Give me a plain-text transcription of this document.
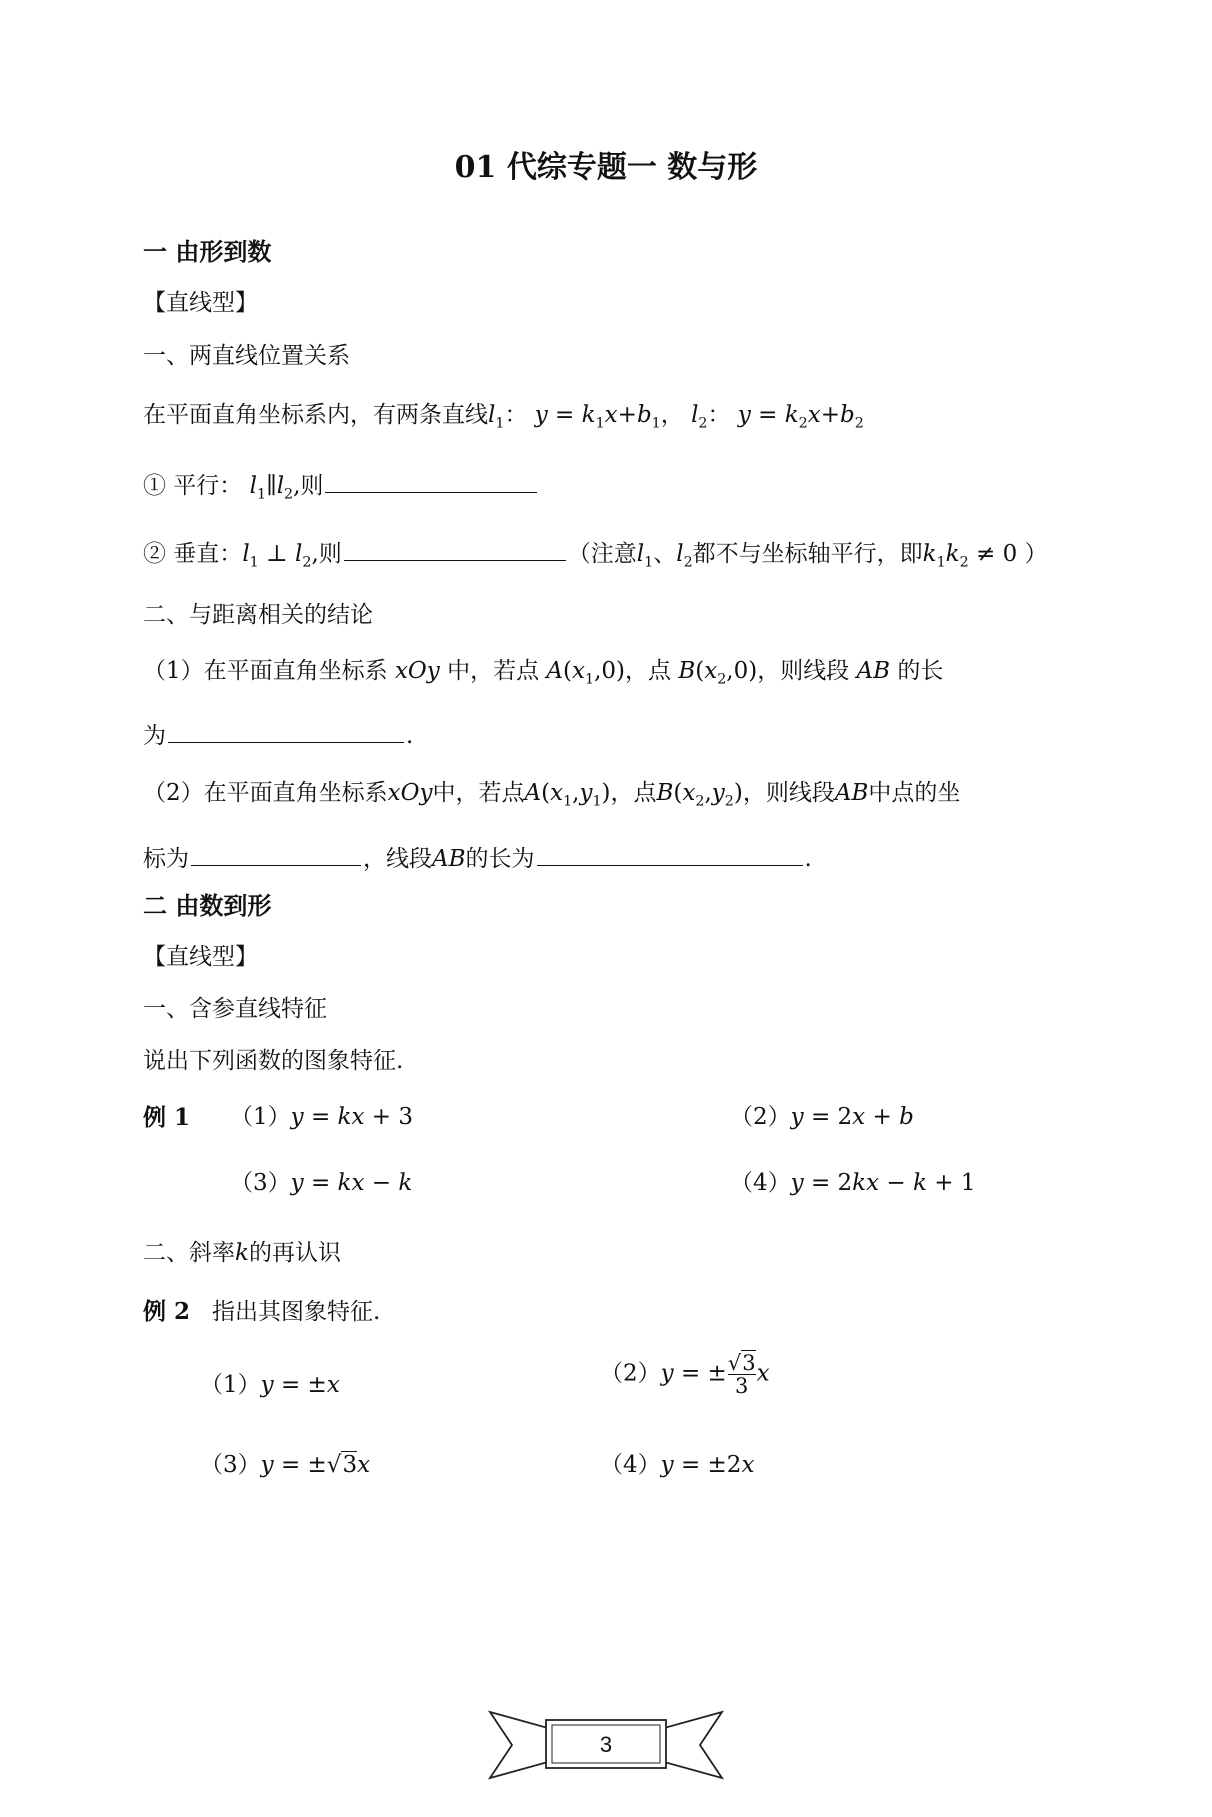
01 代综专题一 数与形
一 由形到数
【直线型】
一、两直线位置关系
在平面直角坐标系内，有两条直线$l_1$： $y = k_1x+b_1$， $l_2$： $y = k_2x+b_2$
① 平行： $l_1\parallel l_2$,则
② 垂直：$l_1$ ⊥ $l_2$,则	（注意$l_1$、$l_2$都不与坐标轴平行，即$k_1k_2 \ne 0$ ）
二、与距离相关的结论
（1）在平面直角坐标系 xOy 中，若点 $A(x_1,0)$，点 $B(x_2,0)$，则线段 AB 的长
为	.
（2）在平面直角坐标系xOy中，若点$A(x_1,y_1)$，点$B(x_2,y_2)$，则线段AB中点的坐
标为	，线段AB的长为	.
二 由数到形
【直线型】
一、含参直线特征
说出下列函数的图象特征.
例 1 （1）y = kx + 3	（2）y = 2x + b
（3）y = kx − k	（4）y = 2kx − k + 1
二、斜率k的再认识
例 2 指出其图象特征.
（1）y = ±x	（2）y = ± $\frac{√3}{3}$ x
（3）y = ±√3x	（4）y = ±2x
3
